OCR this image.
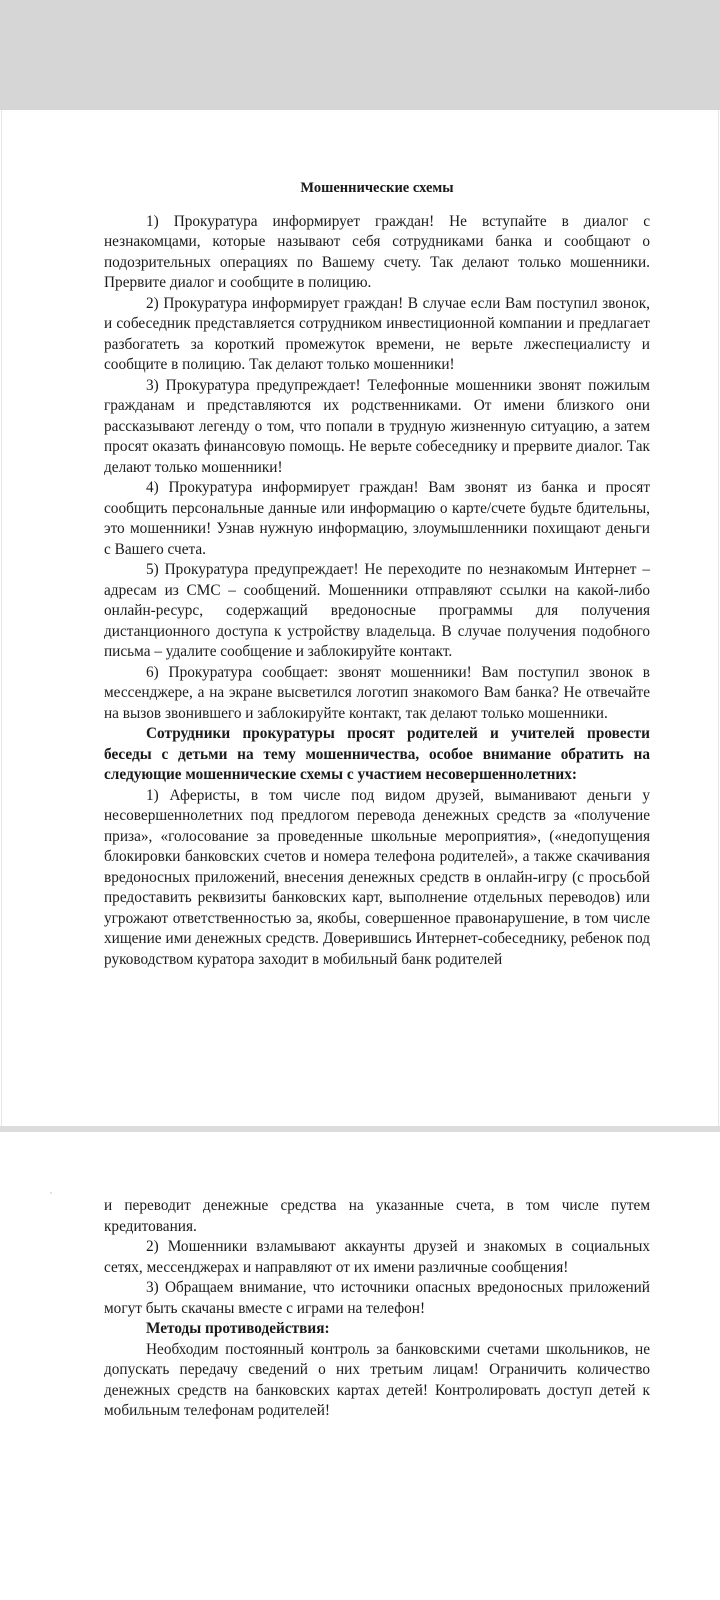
Мошеннические схемы

1) Прокуратура информирует граждан! Не вступайте в диалог с незнакомцами, которые называют себя сотрудниками банка и сообщают о подозрительных операциях по Вашему счету. Так делают только мошенники. Прервите диалог и сообщите в полицию.

2) Прокуратура информирует граждан! В случае если Вам поступил звонок, и собеседник представляется сотрудником инвестиционной компании и предлагает разбогатеть за короткий промежуток времени, не верьте лжеспециалисту и сообщите в полицию. Так делают только мошенники!

3) Прокуратура предупреждает! Телефонные мошенники звонят пожилым гражданам и представляются их родственниками. От имени близкого они рассказывают легенду о том, что попали в трудную жизненную ситуацию, а затем просят оказать финансовую помощь. Не верьте собеседнику и прервите диалог. Так делают только мошенники!

4) Прокуратура информирует граждан! Вам звонят из банка и просят сообщить персональные данные или информацию о карте/счете будьте бдительны, это мошенники! Узнав нужную информацию, злоумышленники похищают деньги с Вашего счета.

5) Прокуратура предупреждает! Не переходите по незнакомым Интернет – адресам из СМС – сообщений. Мошенники отправляют ссылки на какой-либо онлайн-ресурс, содержащий вредоносные программы для получения дистанционного доступа к устройству владельца. В случае получения подобного письма – удалите сообщение и заблокируйте контакт.

6) Прокуратура сообщает: звонят мошенники! Вам поступил звонок в мессенджере, а на экране высветился логотип знакомого Вам банка? Не отвечайте на вызов звонившего и заблокируйте контакт, так делают только мошенники.

Сотрудники прокуратуры просят родителей и учителей провести беседы с детьми на тему мошенничества, особое внимание обратить на следующие мошеннические схемы с участием несовершеннолетних:

1) Аферисты, в том числе под видом друзей, выманивают деньги у несовершеннолетних под предлогом перевода денежных средств за «получение приза», «голосование за проведенные школьные мероприятия», («недопущения блокировки банковских счетов и номера телефона родителей», а также скачивания вредоносных приложений, внесения денежных средств в онлайн-игру (с просьбой предоставить реквизиты банковских карт, выполнение отдельных переводов) или угрожают ответственностью за, якобы, совершенное правонарушение, в том числе хищение ими денежных средств. Доверившись Интернет-собеседнику, ребенок под руководством куратора заходит в мобильный банк родителей

и переводит денежные средства на указанные счета, в том числе путем кредитования.

2) Мошенники взламывают аккаунты друзей и знакомых в социальных сетях, мессенджерах и направляют от их имени различные сообщения!

3) Обращаем внимание, что источники опасных вредоносных приложений могут быть скачаны вместе с играми на телефон!

Методы противодействия:

Необходим постоянный контроль за банковскими счетами школьников, не допускать передачу сведений о них третьим лицам! Ограничить количество денежных средств на банковских картах детей! Контролировать доступ детей к мобильным телефонам родителей!
